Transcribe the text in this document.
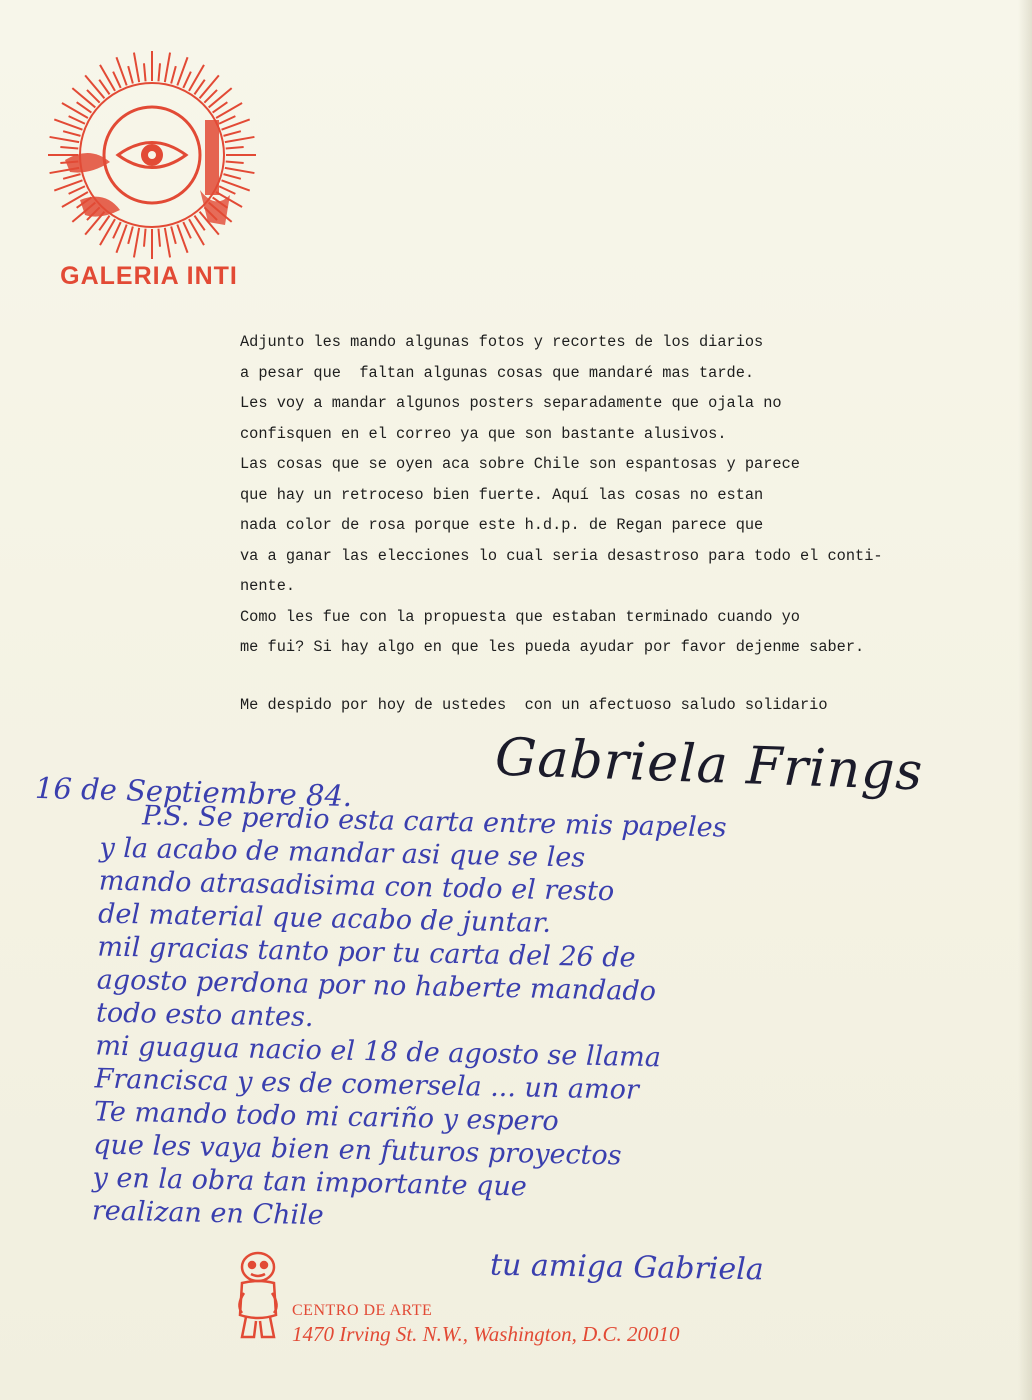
GALERIA INTI
Adjunto les mando algunas fotos y recortes de los diarios
a pesar que  faltan algunas cosas que mandaré mas tarde.
Les voy a mandar algunos posters separadamente que ojala no
confisquen en el correo ya que son bastante alusivos.
Las cosas que se oyen aca sobre Chile son espantosas y parece
que hay un retroceso bien fuerte. Aquí las cosas no estan
nada color de rosa porque este h.d.p. de Regan parece que
va a ganar las elecciones lo cual seria desastroso para todo el conti-
nente.
Como les fue con la propuesta que estaban terminado cuando yo
me fui? Si hay algo en que les pueda ayudar por favor dejenme saber.
Me despido por hoy de ustedes  con un afectuoso saludo solidario
16 de Septiembre 84.	Gabriela Frings
P.S. Se perdio esta carta entre mis papeles
y la acabo de mandar asi que se les
mando atrasadisima con todo el resto
del material que acabo de juntar.
mil gracias tanto por tu carta del 26 de
agosto perdona por no haberte mandado
todo esto antes.
mi guagua nacio el 18 de agosto se llama
Francisca y es de comersela ... un amor
Te mando todo mi cariño y espero
que les vaya bien en futuros proyectos
y en la obra tan importante que
realizan en Chile
tu amiga Gabriela
CENTRO DE ARTE
1470 Irving St. N.W., Washington, D.C. 20010
